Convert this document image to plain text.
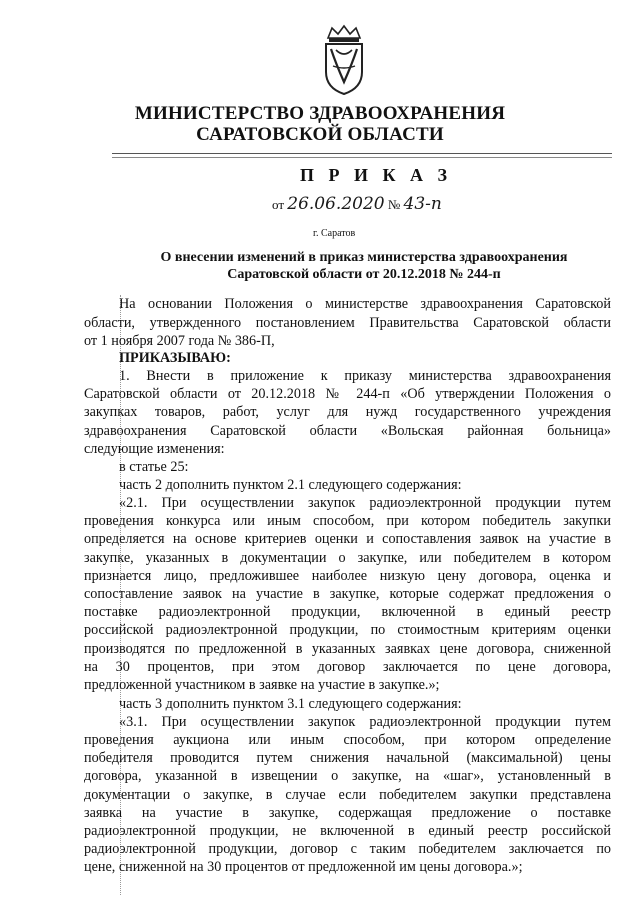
МИНИСТЕРСТВО ЗДРАВООХРАНЕНИЯ
САРАТОВСКОЙ ОБЛАСТИ
П Р И К А З
от 26.06.2020 № 43-п
г. Саратов
О внесении изменений в приказ министерства здравоохранения
Саратовской области от 20.12.2018 № 244-п
На основании Положения о министерстве здравоохранения Саратовской
области, утвержденного постановлением Правительства Саратовской области
от 1 ноября 2007 года № 386-П,
ПРИКАЗЫВАЮ:
1. Внести в приложение к приказу министерства здравоохранения
Саратовской области от 20.12.2018 № 244-п «Об утверждении Положения о
закупках товаров, работ, услуг для нужд государственного учреждения
здравоохранения Саратовской области «Вольская районная больница»
следующие изменения:
в статье 25:
часть 2 дополнить пунктом 2.1 следующего содержания:
«2.1. При осуществлении закупок радиоэлектронной продукции путем
проведения конкурса или иным способом, при котором победитель закупки
определяется на основе критериев оценки и сопоставления заявок на участие в
закупке, указанных в документации о закупке, или победителем в котором
признается лицо, предложившее наиболее низкую цену договора, оценка и
сопоставление заявок на участие в закупке, которые содержат предложения о
поставке радиоэлектронной продукции, включенной в единый реестр
российской радиоэлектронной продукции, по стоимостным критериям оценки
производятся по предложенной в указанных заявках цене договора, сниженной
на 30 процентов, при этом договор заключается по цене договора,
предложенной участником в заявке на участие в закупке.»;
часть 3 дополнить пунктом 3.1 следующего содержания:
«3.1. При осуществлении закупок радиоэлектронной продукции путем
проведения аукциона или иным способом, при котором определение
победителя проводится путем снижения начальной (максимальной) цены
договора, указанной в извещении о закупке, на «шаг», установленный в
документации о закупке, в случае если победителем закупки представлена
заявка на участие в закупке, содержащая предложение о поставке
радиоэлектронной продукции, не включенной в единый реестр российской
радиоэлектронной продукции, договор с таким победителем заключается по
цене, сниженной на 30 процентов от предложенной им цены договора.»;
